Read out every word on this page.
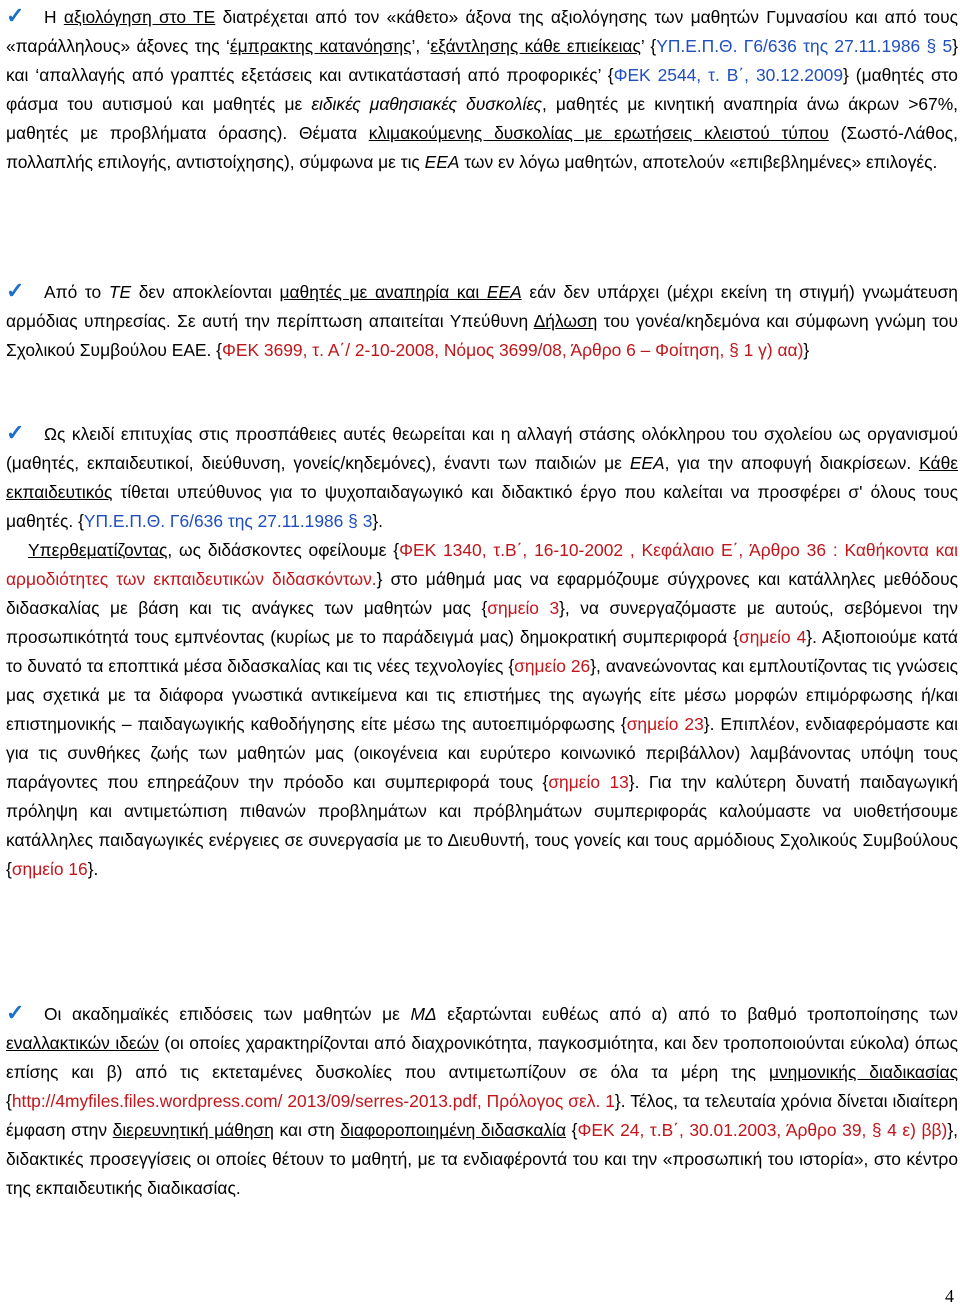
✓ Η αξιολόγηση στο ΤΕ διατρέχεται από τον «κάθετο» άξονα της αξιολόγησης των μαθητών Γυμνασίου και από τους «παράλληλους» άξονες της ‘έμπρακτης κατανόησης’, ‘εξάντλησης κάθε επιείκειας’ {ΥΠ.Ε.Π.Θ. Γ6/636 της 27.11.1986 § 5} και ‘απαλλαγής από γραπτές εξετάσεις και αντικατάστασή από προφορικές’ {ΦΕΚ 2544, τ. Β΄, 30.12.2009} (μαθητές στο φάσμα του αυτισμού και μαθητές με ειδικές μαθησιακές δυσκολίες, μαθητές με κινητική αναπηρία άνω άκρων >67%, μαθητές με προβλήματα όρασης). Θέματα κλιμακούμενης δυσκολίας με ερωτήσεις κλειστού τύπου (Σωστό-Λάθος, πολλαπλής επιλογής, αντιστοίχησης), σύμφωνα με τις ΕΕΑ των εν λόγω μαθητών, αποτελούν «επιβεβλημένες» επιλογές.

✓ Από το ΤΕ δεν αποκλείονται μαθητές με αναπηρία και ΕΕΑ εάν δεν υπάρχει (μέχρι εκείνη τη στιγμή) γνωμάτευση αρμόδιας υπηρεσίας. Σε αυτή την περίπτωση απαιτείται Υπεύθυνη Δήλωση του γονέα/κηδεμόνα και σύμφωνη γνώμη του Σχολικού Συμβούλου ΕΑΕ. {ΦΕΚ 3699, τ. Α΄/ 2-10-2008, Νόμος 3699/08, Άρθρο 6 – Φοίτηση, § 1 γ) αα)}

✓ Ως κλειδί επιτυχίας στις προσπάθειες αυτές θεωρείται και η αλλαγή στάσης ολόκληρου του σχολείου ως οργανισμού (μαθητές, εκπαιδευτικοί, διεύθυνση, γονείς/κηδεμόνες), έναντι των παιδιών με ΕΕΑ, για την αποφυγή διακρίσεων. Κάθε εκπαιδευτικός τίθεται υπεύθυνος για το ψυχοπαιδαγωγικό και διδακτικό έργο που καλείται να προσφέρει σ' όλους τους μαθητές. {ΥΠ.Ε.Π.Θ. Γ6/636 της 27.11.1986 § 3}.
Υπερθεματίζοντας, ως διδάσκοντες οφείλουμε {ΦΕΚ 1340, τ.Β΄, 16-10-2002 , Κεφάλαιο Ε΄, Άρθρο 36 : Καθήκοντα και αρμοδιότητες των εκπαιδευτικών διδασκόντων.} στο μάθημά μας να εφαρμόζουμε σύγχρονες και κατάλληλες μεθόδους διδασκαλίας με βάση και τις ανάγκες των μαθητών μας {σημείο 3}, να συνεργαζόμαστε με αυτούς, σεβόμενοι την προσωπικότητά τους εμπνέοντας (κυρίως με το παράδειγμά μας) δημοκρατική συμπεριφορά {σημείο 4}. Αξιοποιούμε κατά το δυνατό τα εποπτικά μέσα διδασκαλίας και τις νέες τεχνολογίες {σημείο 26}, ανανεώνοντας και εμπλουτίζοντας τις γνώσεις μας σχετικά με τα διάφορα γνωστικά αντικείμενα και τις επιστήμες της αγωγής είτε μέσω μορφών επιμόρφωσης ή/και επιστημονικής – παιδαγωγικής καθοδήγησης είτε μέσω της αυτοεπιμόρφωσης {σημείο 23}. Επιπλέον, ενδιαφερόμαστε και για τις συνθήκες ζωής των μαθητών μας (οικογένεια και ευρύτερο κοινωνικό περιβάλλον) λαμβάνοντας υπόψη τους παράγοντες που επηρεάζουν την πρόοδο και συμπεριφορά τους {σημείο 13}. Για την καλύτερη δυνατή παιδαγωγική πρόληψη και αντιμετώπιση πιθανών προβλημάτων και πρόβλημάτων συμπεριφοράς καλούμαστε να υιοθετήσουμε κατάλληλες παιδαγωγικές ενέργειες σε συνεργασία με το Διευθυντή, τους γονείς και τους αρμόδιους Σχολικούς Συμβούλους {σημείο 16}.

✓ Οι ακαδημαϊκές επιδόσεις των μαθητών με ΜΔ εξαρτώνται ευθέως από α) από το βαθμό τροποποίησης των εναλλακτικών ιδεών (οι οποίες χαρακτηρίζονται από διαχρονικότητα, παγκοσμιότητα, και δεν τροποποιούνται εύκολα) όπως επίσης και β) από τις εκτεταμένες δυσκολίες που αντιμετωπίζουν σε όλα τα μέρη της μνημονικής διαδικασίας {http://4myfiles.files.wordpress.com/ 2013/09/serres-2013.pdf, Πρόλογος σελ. 1}. Τέλος, τα τελευταία χρόνια δίνεται ιδιαίτερη έμφαση στην διερευνητική μάθηση και στη διαφοροποιημένη διδασκαλία {ΦΕΚ 24, τ.Β΄, 30.01.2003, Άρθρο 39, § 4 ε) ββ)}, διδακτικές προσεγγίσεις οι οποίες θέτουν το μαθητή, με τα ενδιαφέροντά του και την «προσωπική του ιστορία», στο κέντρο της εκπαιδευτικής διαδικασίας.

4
